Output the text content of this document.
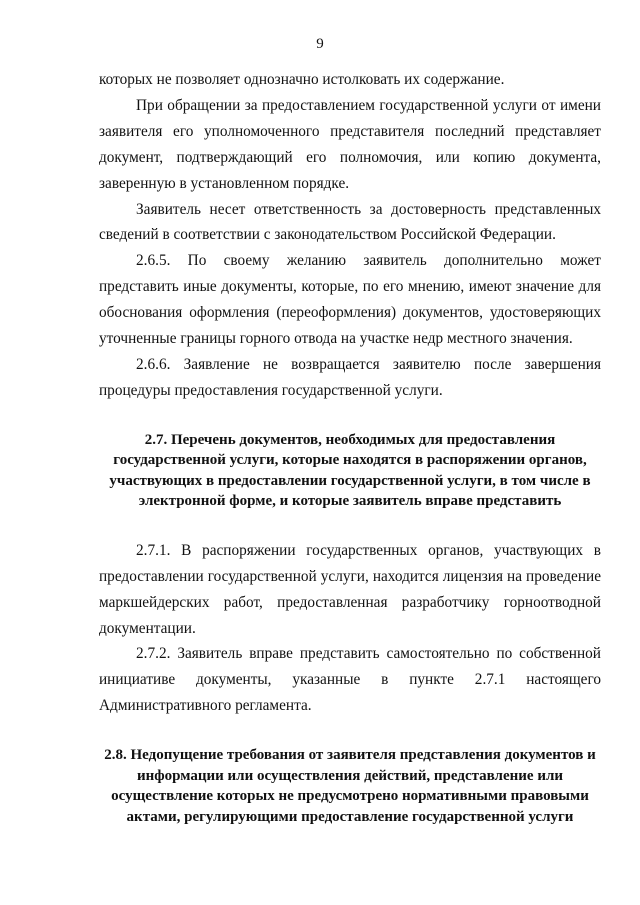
9

которых не позволяет однозначно истолковать их содержание.

При обращении за предоставлением государственной услуги от имени заявителя его уполномоченного представителя последний представляет документ, подтверждающий его полномочия, или копию документа, заверенную в установленном порядке.

Заявитель несет ответственность за достоверность представленных сведений в соответствии с законодательством Российской Федерации.

2.6.5. По своему желанию заявитель дополнительно может представить иные документы, которые, по его мнению, имеют значение для обоснования оформления (переоформления) документов, удостоверяющих уточненные границы горного отвода на участке недр местного значения.

2.6.6. Заявление не возвращается заявителю после завершения процедуры предоставления государственной услуги.

2.7. Перечень документов, необходимых для предоставления государственной услуги, которые находятся в распоряжении органов, участвующих в предоставлении государственной услуги, в том числе в электронной форме, и которые заявитель вправе представить

2.7.1. В распоряжении государственных органов, участвующих в предоставлении государственной услуги, находится лицензия на проведение маркшейдерских работ, предоставленная разработчику горноотводной документации.

2.7.2. Заявитель вправе представить самостоятельно по собственной инициативе документы, указанные в пункте 2.7.1 настоящего Административного регламента.

2.8. Недопущение требования от заявителя представления документов и информации или осуществления действий, представление или осуществление которых не предусмотрено нормативными правовыми актами, регулирующими предоставление государственной услуги
